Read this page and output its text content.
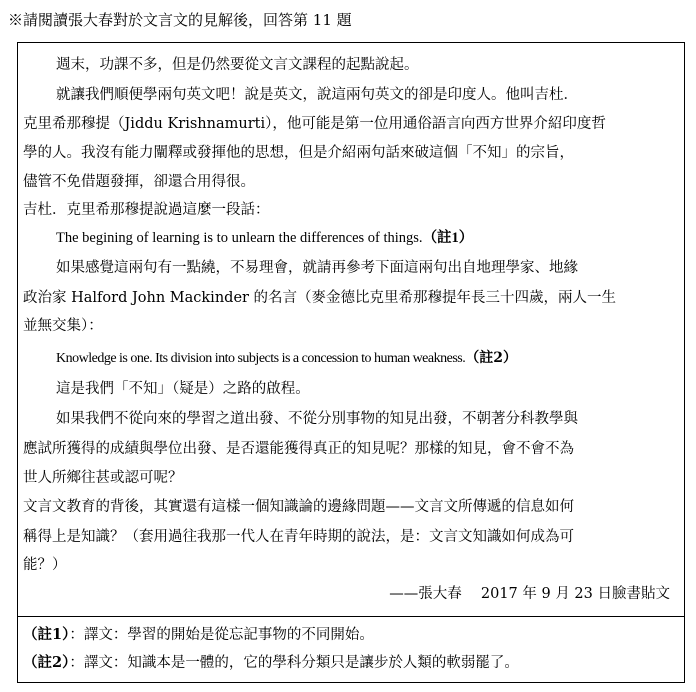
※請閱讀張大春對於文言文的見解後，回答第 11 題
週末，功課不多，但是仍然要從文言文課程的起點說起。
就讓我們順便學兩句英文吧！說是英文，說這兩句英文的卻是印度人。他叫吉杜．
克里希那穆提（Jiddu Krishnamurti），他可能是第一位用通俗語言向西方世界介紹印度哲
學的人。我沒有能力闡釋或發揮他的思想，但是介紹兩句話來破這個「不知」的宗旨，
儘管不免借題發揮，卻還合用得很。
吉杜．克里希那穆提說過這麼一段話：
The begining of learning is to unlearn the differences of things.（註1）
如果感覺這兩句有一點繞，不易理會，就請再參考下面這兩句出自地理學家、地緣
政治家 Halford John Mackinder 的名言（麥金德比克里希那穆提年長三十四歲，兩人一生
並無交集）：
Knowledge is one. Its division into subjects is a concession to human weakness.（註2）
這是我們「不知」（疑是）之路的啟程。
如果我們不從向來的學習之道出發、不從分別事物的知見出發，不朝著分科教學與
應試所獲得的成績與學位出發、是否還能獲得真正的知見呢？那樣的知見，會不會不為
世人所鄉往甚或認可呢？
文言文教育的背後，其實還有這樣一個知識論的邊緣問題——文言文所傳遞的信息如何
稱得上是知識？（套用過往我那一代人在青年時期的說法，是：文言文知識如何成為可
能？）
——張大春　 2017 年 9 月 23 日臉書貼文
（註1）：譯文：學習的開始是從忘記事物的不同開始。
（註2）：譯文：知識本是一體的，它的學科分類只是讓步於人類的軟弱罷了。
